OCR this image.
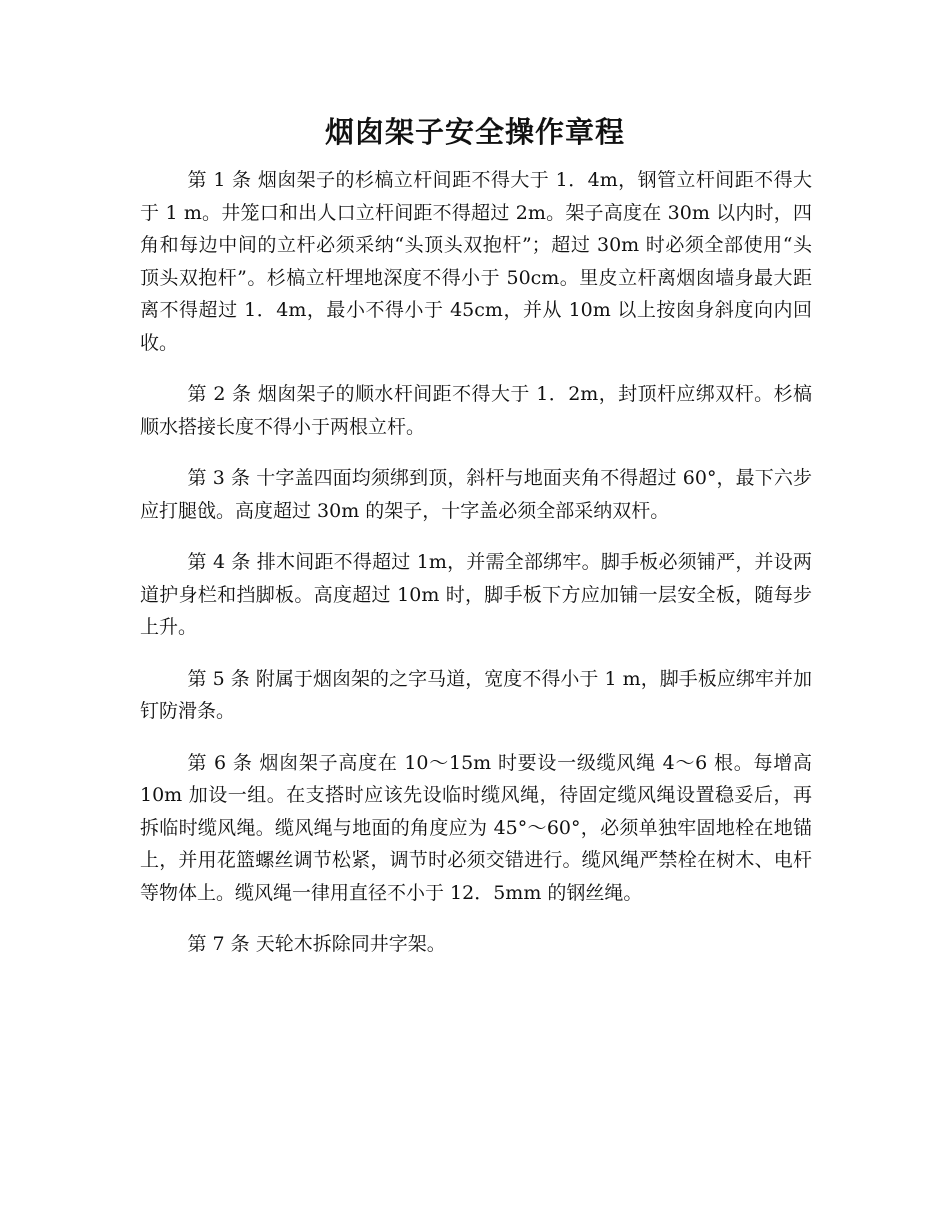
烟囱架子安全操作章程

第 1 条 烟囱架子的杉槁立杆间距不得大于 1．4m，钢管立杆间距不得大于 1 m。井笼口和出人口立杆间距不得超过 2m。架子高度在 30m 以内时，四角和每边中间的立杆必须采纳“头顶头双抱杆”；超过 30m 时必须全部使用“头顶头双抱杆”。杉槁立杆埋地深度不得小于 50cm。里皮立杆离烟囱墙身最大距离不得超过 1．4m，最小不得小于 45cm，并从 10m 以上按囱身斜度向内回收。

第 2 条 烟囱架子的顺水杆间距不得大于 1．2m，封顶杆应绑双杆。杉槁顺水搭接长度不得小于两根立杆。

第 3 条 十字盖四面均须绑到顶，斜杆与地面夹角不得超过 60°，最下六步应打腿戗。高度超过 30m 的架子，十字盖必须全部采纳双杆。

第 4 条 排木间距不得超过 1m，并需全部绑牢。脚手板必须铺严，并设两道护身栏和挡脚板。高度超过 10m 时，脚手板下方应加铺一层安全板，随每步上升。

第 5 条 附属于烟囱架的之字马道，宽度不得小于 1 m，脚手板应绑牢并加钉防滑条。

第 6 条 烟囱架子高度在 10～15m 时要设一级缆风绳 4～6 根。每增高 10m 加设一组。在支搭时应该先设临时缆风绳，待固定缆风绳设置稳妥后，再拆临时缆风绳。缆风绳与地面的角度应为 45°～60°，必须单独牢固地栓在地锚上，并用花篮螺丝调节松紧，调节时必须交错进行。缆风绳严禁栓在树木、电杆等物体上。缆风绳一律用直径不小于 12．5mm 的钢丝绳。

第 7 条 天轮木拆除同井字架。
